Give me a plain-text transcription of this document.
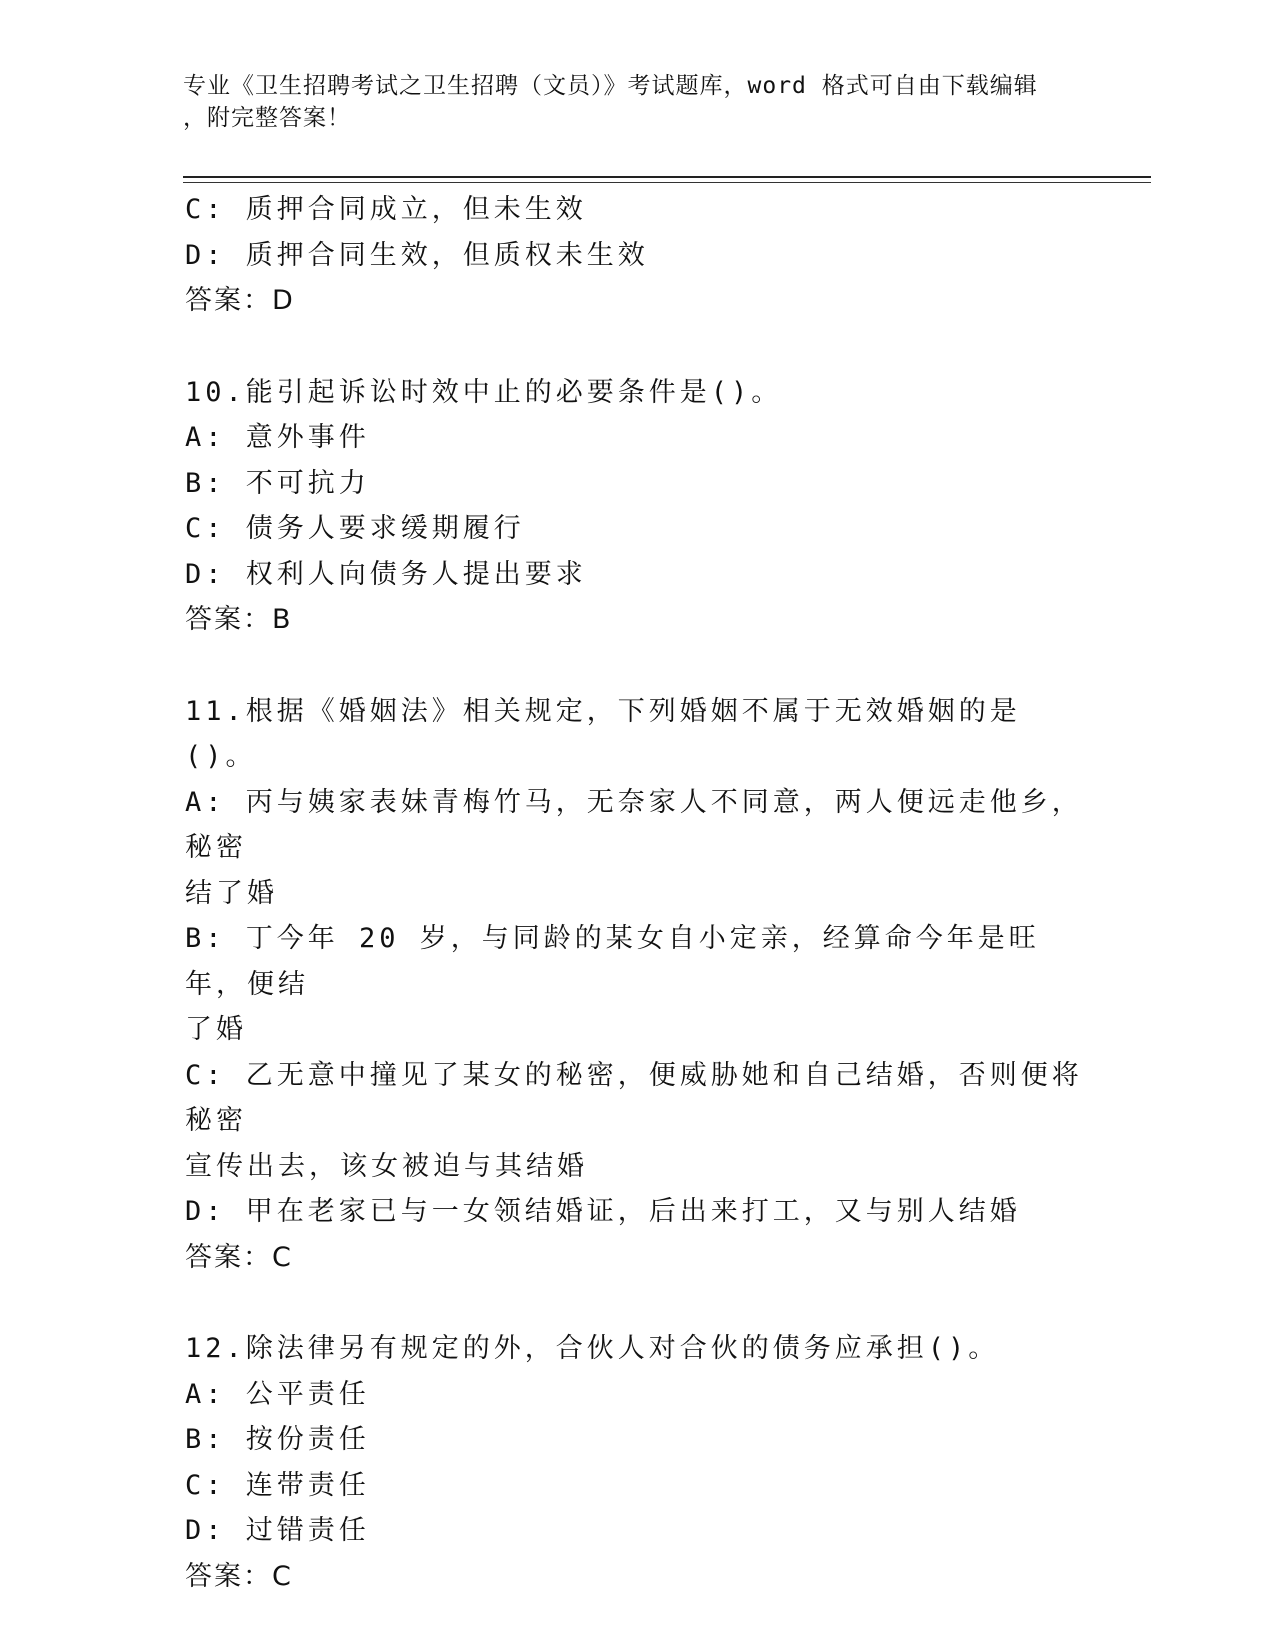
专业《卫生招聘考试之卫生招聘（文员）》考试题库，word 格式可自由下载编辑
，附完整答案！
C: 质押合同成立，但未生效
D: 质押合同生效，但质权未生效
答案：D
10.能引起诉讼时效中止的必要条件是()。
A: 意外事件
B: 不可抗力
C: 债务人要求缓期履行
D: 权利人向债务人提出要求
答案：B
11.根据《婚姻法》相关规定，下列婚姻不属于无效婚姻的是()。
A: 丙与姨家表妹青梅竹马，无奈家人不同意，两人便远走他乡，秘密
结了婚
B: 丁今年 20 岁，与同龄的某女自小定亲，经算命今年是旺年，便结
了婚
C: 乙无意中撞见了某女的秘密，便威胁她和自己结婚，否则便将秘密
宣传出去，该女被迫与其结婚
D: 甲在老家已与一女领结婚证，后出来打工，又与别人结婚
答案：C
12.除法律另有规定的外，合伙人对合伙的债务应承担()。
A: 公平责任
B: 按份责任
C: 连带责任
D: 过错责任
答案：C
